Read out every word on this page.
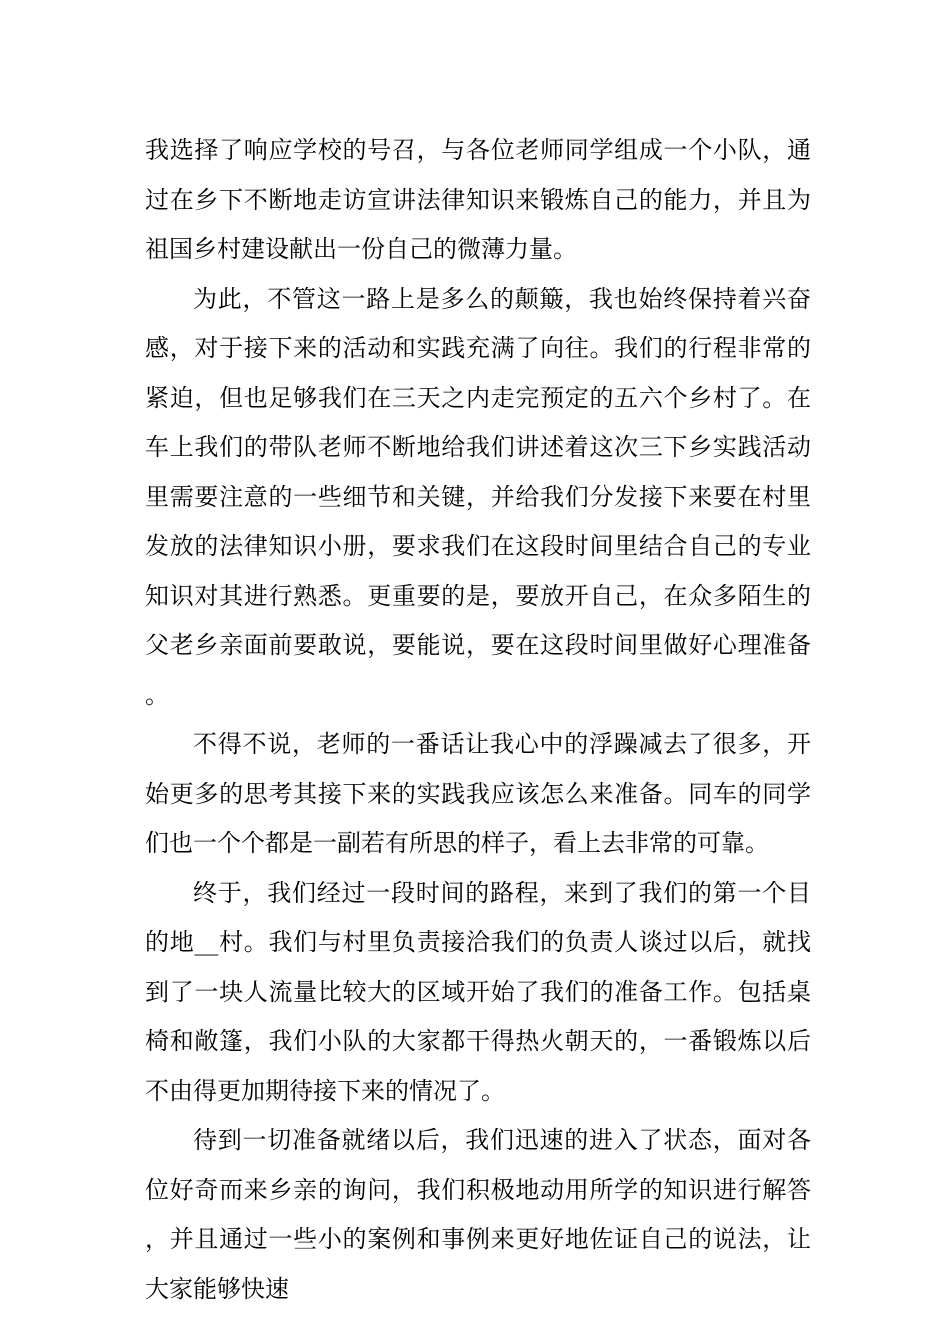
我选择了响应学校的号召，与各位老师同学组成一个小队，通过在乡下不断地走访宣讲法律知识来锻炼自己的能力，并且为祖国乡村建设献出一份自己的微薄力量。

为此，不管这一路上是多么的颠簸，我也始终保持着兴奋感，对于接下来的活动和实践充满了向往。我们的行程非常的紧迫，但也足够我们在三天之内走完预定的五六个乡村了。在车上我们的带队老师不断地给我们讲述着这次三下乡实践活动里需要注意的一些细节和关键，并给我们分发接下来要在村里发放的法律知识小册，要求我们在这段时间里结合自己的专业知识对其进行熟悉。更重要的是，要放开自己，在众多陌生的父老乡亲面前要敢说，要能说，要在这段时间里做好心理准备。

不得不说，老师的一番话让我心中的浮躁减去了很多，开始更多的思考其接下来的实践我应该怎么来准备。同车的同学们也一个个都是一副若有所思的样子，看上去非常的可靠。

终于，我们经过一段时间的路程，来到了我们的第一个目的地__村。我们与村里负责接洽我们的负责人谈过以后，就找到了一块人流量比较大的区域开始了我们的准备工作。包括桌椅和敞篷，我们小队的大家都干得热火朝天的，一番锻炼以后不由得更加期待接下来的情况了。

待到一切准备就绪以后，我们迅速的进入了状态，面对各位好奇而来乡亲的询问，我们积极地动用所学的知识进行解答，并且通过一些小的案例和事例来更好地佐证自己的说法，让大家能够快速
